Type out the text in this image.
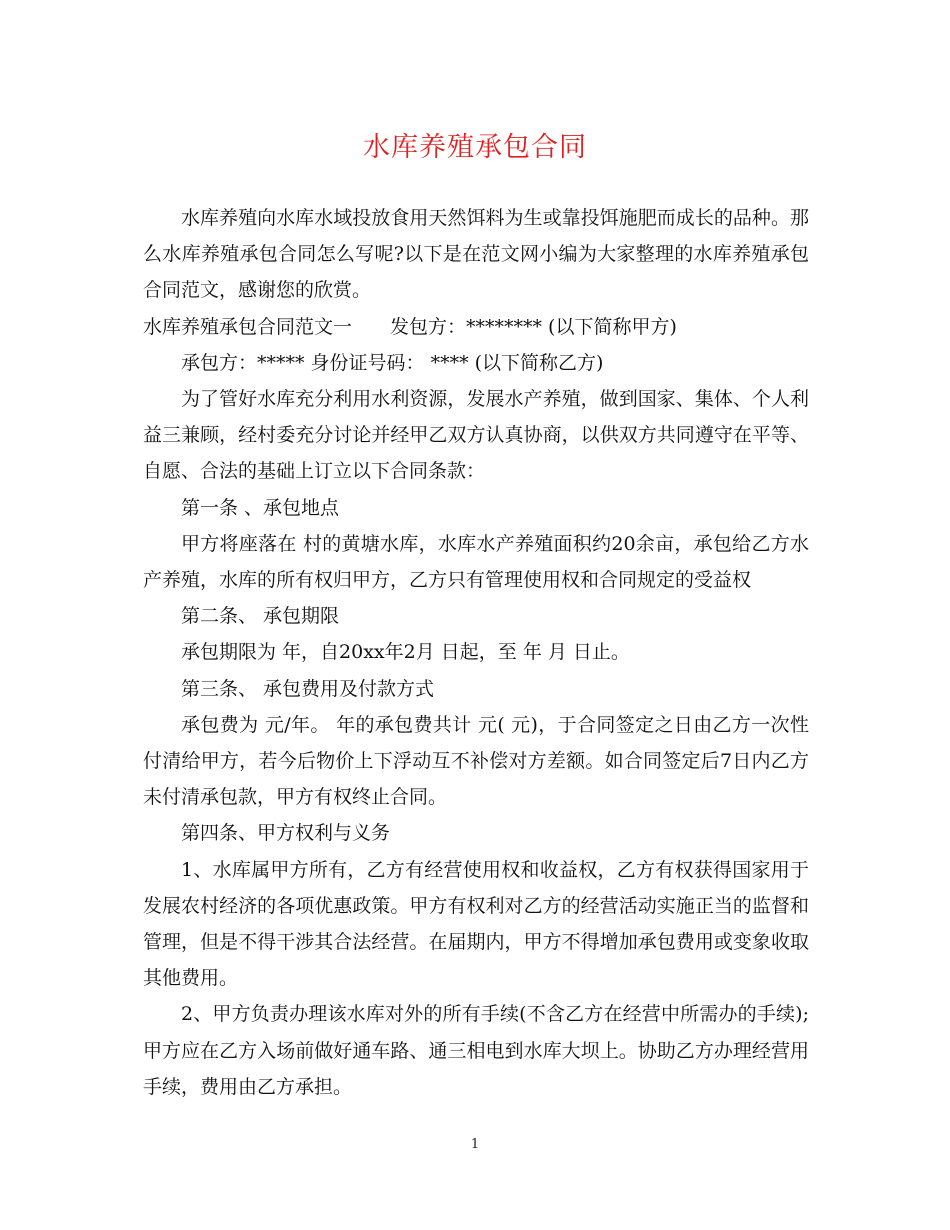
水库养殖承包合同

水库养殖向水库水域投放食用天然饵料为生或靠投饵施肥而成长的品种。那么水库养殖承包合同怎么写呢?以下是在范文网小编为大家整理的水库养殖承包合同范文，感谢您的欣赏。

水库养殖承包合同范文一 发包方：******** (以下简称甲方)

承包方：***** 身份证号码： **** (以下简称乙方)

为了管好水库充分利用水利资源，发展水产养殖，做到国家、集体、个人利益三兼顾，经村委充分讨论并经甲乙双方认真协商，以供双方共同遵守在平等、自愿、合法的基础上订立以下合同条款：

第一条 、承包地点

甲方将座落在 村的黄塘水库，水库水产养殖面积约20余亩，承包给乙方水产养殖，水库的所有权归甲方，乙方只有管理使用权和合同规定的受益权

第二条、 承包期限

承包期限为 年，自20xx年2月 日起，至 年 月 日止。

第三条、 承包费用及付款方式

承包费为 元/年。 年的承包费共计 元( 元)，于合同签定之日由乙方一次性付清给甲方，若今后物价上下浮动互不补偿对方差额。如合同签定后7日内乙方未付清承包款，甲方有权终止合同。

第四条、甲方权利与义务

1、水库属甲方所有，乙方有经营使用权和收益权，乙方有权获得国家用于发展农村经济的各项优惠政策。甲方有权利对乙方的经营活动实施正当的监督和管理，但是不得干涉其合法经营。在届期内，甲方不得增加承包费用或变象收取其他费用。

2、甲方负责办理该水库对外的所有手续(不含乙方在经营中所需办的手续);甲方应在乙方入场前做好通车路、通三相电到水库大坝上。协助乙方办理经营用手续，费用由乙方承担。

1
